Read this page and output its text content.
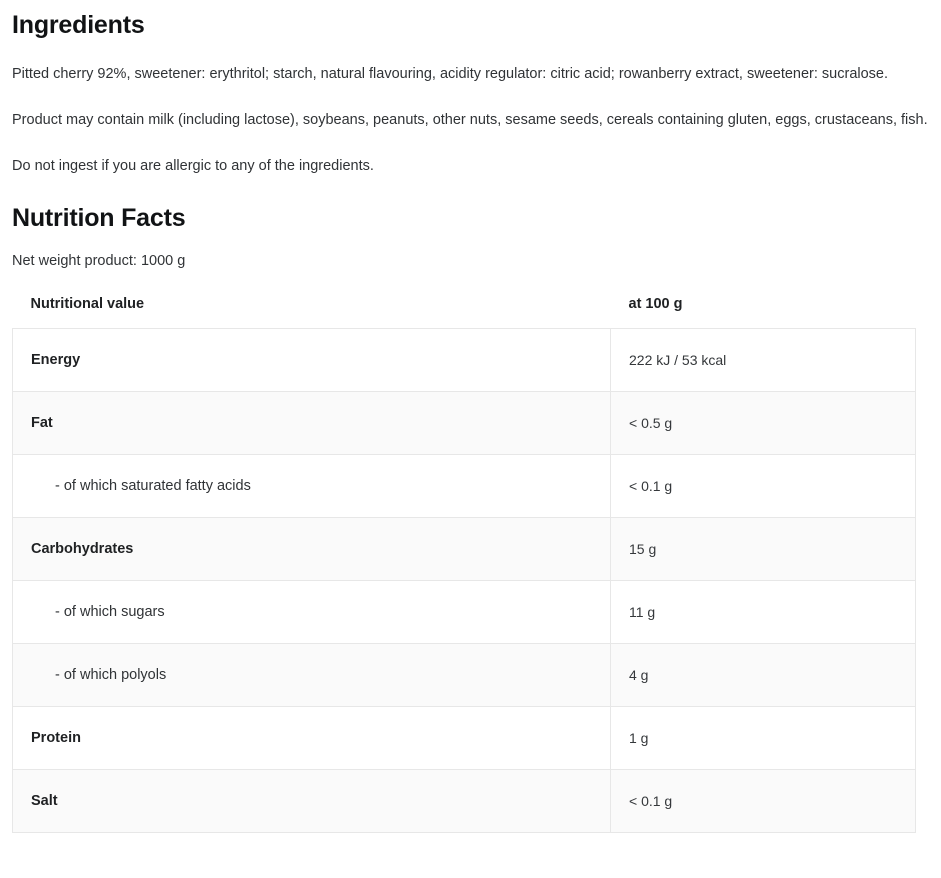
Ingredients

Pitted cherry 92%, sweetener: erythritol; starch, natural flavouring, acidity regulator: citric acid; rowanberry extract, sweetener: sucralose.

Product may contain milk (including lactose), soybeans, peanuts, other nuts, sesame seeds, cereals containing gluten, eggs, crustaceans, fish.

Do not ingest if you are allergic to any of the ingredients.

Nutrition Facts

Net weight product: 1000 g

Nutritional value	at 100 g
Energy	222 kJ / 53 kcal
Fat	< 0.5 g
- of which saturated fatty acids	< 0.1 g
Carbohydrates	15 g
- of which sugars	11 g
- of which polyols	4 g
Protein	1 g
Salt	< 0.1 g
